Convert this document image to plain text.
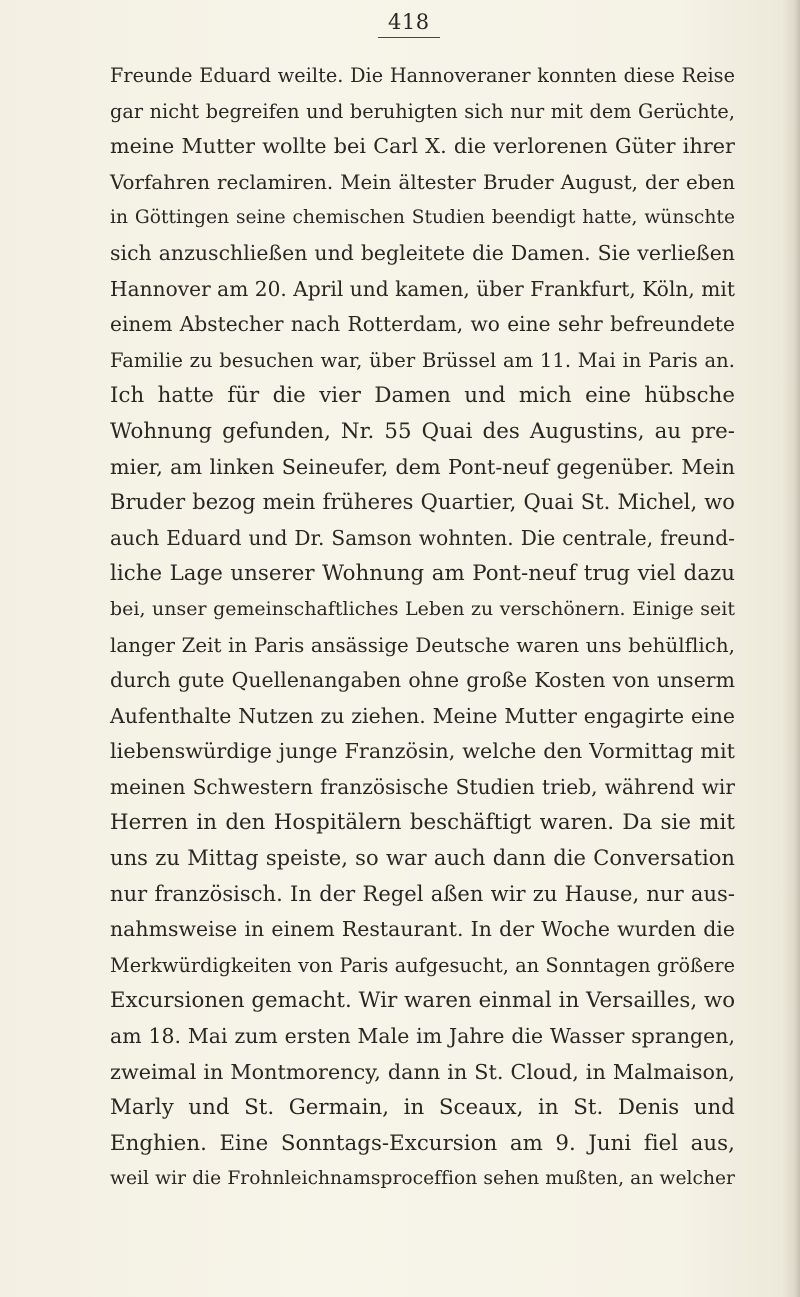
418
Freunde Eduard weilte. Die Hannoveraner konnten diese Reise
gar nicht begreifen und beruhigten sich nur mit dem Gerüchte,
meine Mutter wollte bei Carl X. die verlorenen Güter ihrer
Vorfahren reclamiren. Mein ältester Bruder August, der eben
in Göttingen seine chemischen Studien beendigt hatte, wünschte
sich anzuschließen und begleitete die Damen. Sie verließen
Hannover am 20. April und kamen, über Frankfurt, Köln, mit
einem Abstecher nach Rotterdam, wo eine sehr befreundete
Familie zu besuchen war, über Brüssel am 11. Mai in Paris an.
Ich hatte für die vier Damen und mich eine hübsche
Wohnung gefunden, Nr. 55 Quai des Augustins, au pre-
mier, am linken Seineufer, dem Pont-neuf gegenüber. Mein
Bruder bezog mein früheres Quartier, Quai St. Michel, wo
auch Eduard und Dr. Samson wohnten. Die centrale, freund-
liche Lage unserer Wohnung am Pont-neuf trug viel dazu
bei, unser gemeinschaftliches Leben zu verschönern. Einige seit
langer Zeit in Paris ansässige Deutsche waren uns behülflich,
durch gute Quellenangaben ohne große Kosten von unserm
Aufenthalte Nutzen zu ziehen. Meine Mutter engagirte eine
liebenswürdige junge Französin, welche den Vormittag mit
meinen Schwestern französische Studien trieb, während wir
Herren in den Hospitälern beschäftigt waren. Da sie mit
uns zu Mittag speiste, so war auch dann die Conversation
nur französisch. In der Regel aßen wir zu Hause, nur aus-
nahmsweise in einem Restaurant. In der Woche wurden die
Merkwürdigkeiten von Paris aufgesucht, an Sonntagen größere
Excursionen gemacht. Wir waren einmal in Versailles, wo
am 18. Mai zum ersten Male im Jahre die Wasser sprangen,
zweimal in Montmorency, dann in St. Cloud, in Malmaison,
Marly und St. Germain, in Sceaux, in St. Denis und
Enghien. Eine Sonntags-Excursion am 9. Juni fiel aus,
weil wir die Frohnleichnamsproceffion sehen mußten, an welcher
